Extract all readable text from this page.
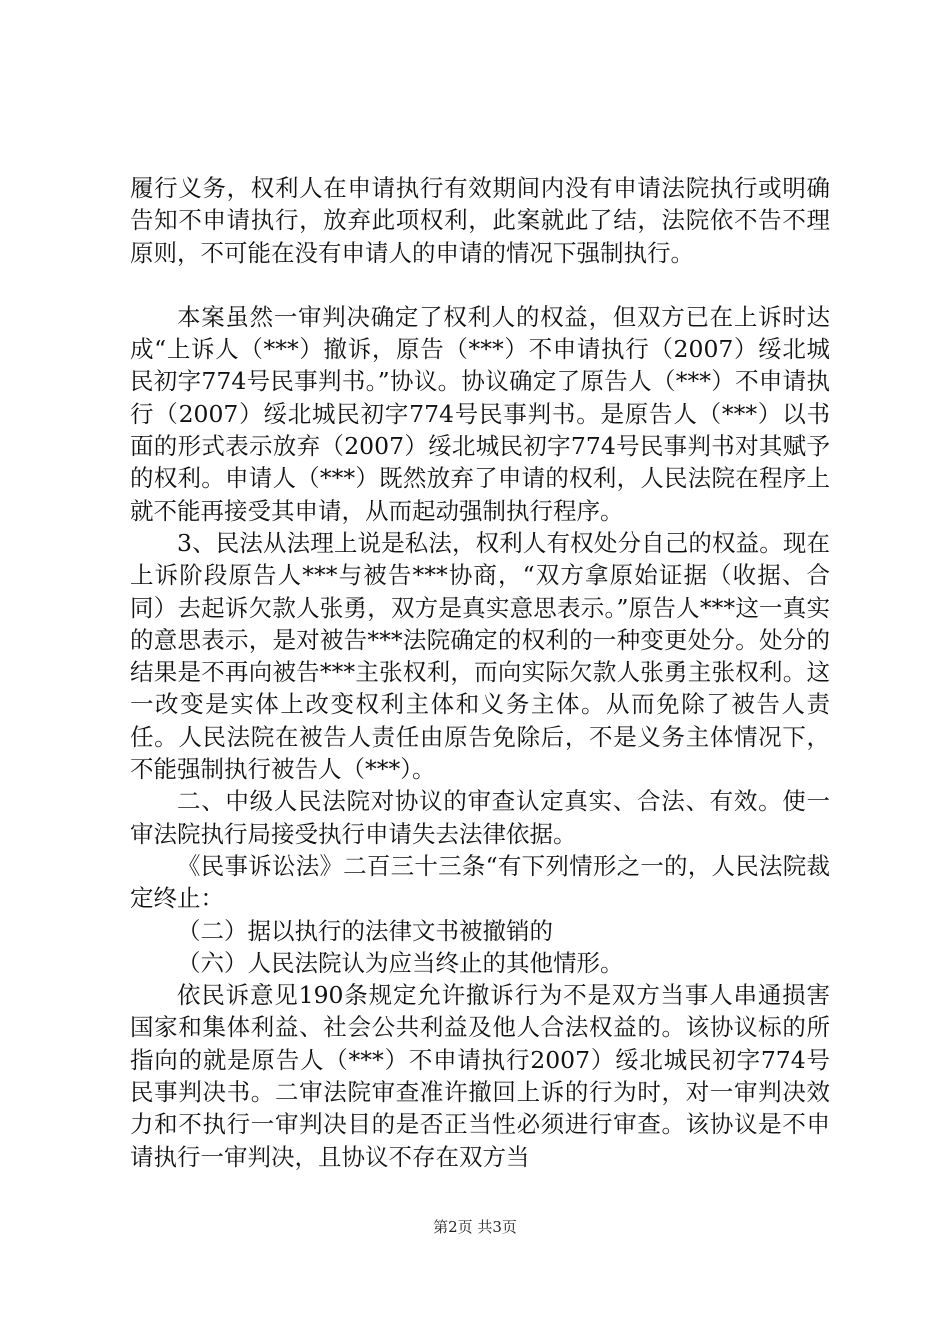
履行义务，权利人在申请执行有效期间内没有申请法院执行或明确告知不申请执行，放弃此项权利，此案就此了结，法院依不告不理原则，不可能在没有申请人的申请的情况下强制执行。

本案虽然一审判决确定了权利人的权益，但双方已在上诉时达成“上诉人（***）撤诉，原告（***）不申请执行（2007）绥北城民初字774号民事判书。”协议。协议确定了原告人（***）不申请执行（2007）绥北城民初字774号民事判书。是原告人（***）以书面的形式表示放弃（2007）绥北城民初字774号民事判书对其赋予的权利。申请人（***）既然放弃了申请的权利，人民法院在程序上就不能再接受其申请，从而起动强制执行程序。

3、民法从法理上说是私法，权利人有权处分自己的权益。现在上诉阶段原告人***与被告***协商，“双方拿原始证据（收据、合同）去起诉欠款人张勇，双方是真实意思表示。”原告人***这一真实的意思表示，是对被告***法院确定的权利的一种变更处分。处分的结果是不再向被告***主张权利，而向实际欠款人张勇主张权利。这一改变是实体上改变权利主体和义务主体。从而免除了被告人责任。人民法院在被告人责任由原告免除后，不是义务主体情况下，不能强制执行被告人（***）。

二、中级人民法院对协议的审查认定真实、合法、有效。使一审法院执行局接受执行申请失去法律依据。

《民事诉讼法》二百三十三条“有下列情形之一的，人民法院裁定终止：

（二）据以执行的法律文书被撤销的

（六）人民法院认为应当终止的其他情形。

依民诉意见190条规定允许撤诉行为不是双方当事人串通损害国家和集体利益、社会公共利益及他人合法权益的。该协议标的所指向的就是原告人（***）不申请执行2007）绥北城民初字774号民事判决书。二审法院审查准许撤回上诉的行为时，对一审判决效力和不执行一审判决目的是否正当性必须进行审查。该协议是不申请执行一审判决，且协议不存在双方当

第2页 共3页
